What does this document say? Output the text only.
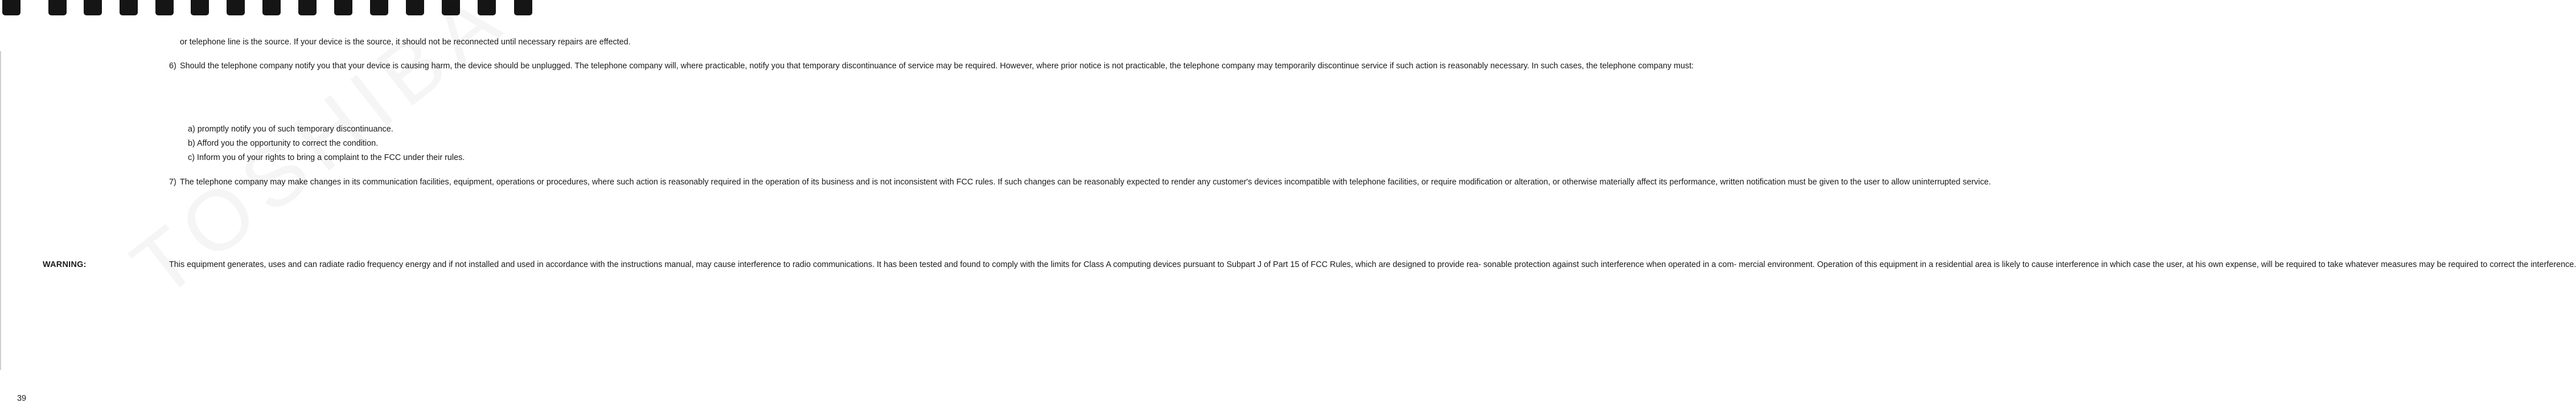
or telephone line is the source. If your device is the source, it should not be reconnected until necessary repairs are effected.
6) Should the telephone company notify you that your device is causing harm, the device should be unplugged. The telephone company will, where practicable, notify you that temporary discontinuance of service may be required. However, where prior notice is not practicable, the telephone company may temporarily discontinue service if such action is reasonably necessary. In such cases, the telephone company must:
a) promptly notify you of such temporary discontinuance.
b) Afford you the opportunity to correct the condition.
c) Inform you of your rights to bring a complaint to the FCC under their rules.
7) The telephone company may make changes in its communication facilities, equipment, operations or procedures, where such action is reasonably required in the operation of its business and is not inconsistent with FCC rules. If such changes can be reasonably expected to render any customer's devices incompatible with telephone facilities, or require modification or alteration, or otherwise materially affect its performance, written notification must be given to the user to allow uninterrupted service.
WARNING:	This equipment generates, uses and can radiate radio frequency energy and if not installed and used in accordance with the instructions manual, may cause interference to radio communications. It has been tested and found to comply with the limits for Class A computing devices pursuant to Subpart J of Part 15 of FCC Rules, which are designed to provide rea- sonable protection against such interference when operated in a com- mercial environment. Operation of this equipment in a residential area is likely to cause interference in which case the user, at his own expense, will be required to take whatever measures may be required to correct the interference.
39
